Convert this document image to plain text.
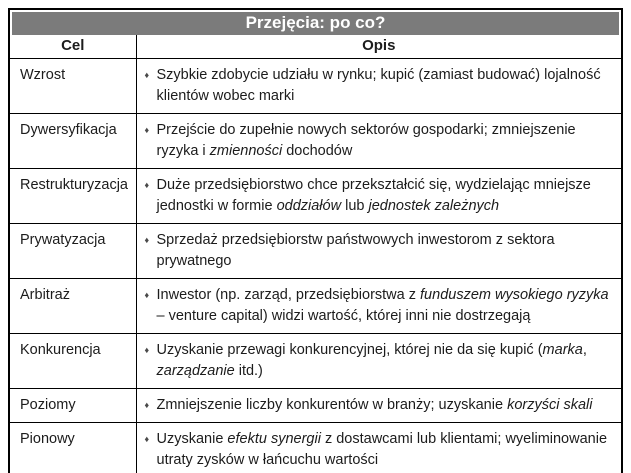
Przejęcia: po co?
Cel	Opis
Wzrost	♦ Szybkie zdobycie udziału w rynku; kupić (zamiast budować) lojalność klientów wobec marki

Dywersyfikacja	♦ Przejście do zupełnie nowych sektorów gospodarki; zmniejszenie ryzyka i zmienności dochodów

Restrukturyzacja	♦ Duże przedsiębiorstwo chce przekształcić się, wydzielając mniejsze jednostki w formie oddziałów lub jednostek zależnych

Prywatyzacja	♦ Sprzedaż przedsiębiorstw państwowych inwestorom z sektora prywatnego

Arbitraż	♦ Inwestor (np. zarząd, przedsiębiorstwa z funduszem wysokiego ryzyka – venture capital) widzi wartość, której inni nie dostrzegają

Konkurencja	♦ Uzyskanie przewagi konkurencyjnej, której nie da się kupić (marka, zarządzanie itd.)

Poziomy	♦ Zmniejszenie liczby konkurentów w branży; uzyskanie korzyści skali

Pionowy	♦ Uzyskanie efektu synergii z dostawcami lub klientami; wyeliminowanie utraty zysków w łańcuchu wartości
